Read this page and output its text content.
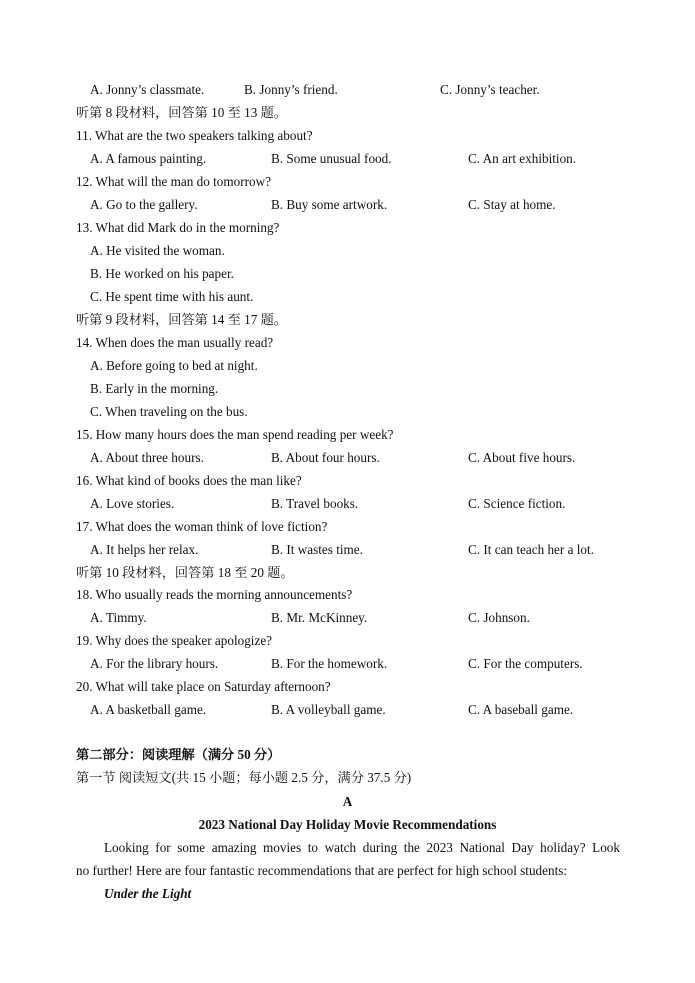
A. Jonny’s classmate.	B. Jonny’s friend.	C. Jonny’s teacher.
听第 8 段材料，回答第 10 至 13 题。
11. What are the two speakers talking about?
A. A famous painting.	B. Some unusual food.	C. An art exhibition.
12. What will the man do tomorrow?
A. Go to the gallery.	B. Buy some artwork.	C. Stay at home.
13. What did Mark do in the morning?
A. He visited the woman.
B. He worked on his paper.
C. He spent time with his aunt.
听第 9 段材料，回答第 14 至 17 题。
14. When does the man usually read?
A. Before going to bed at night.
B. Early in the morning.
C. When traveling on the bus.
15. How many hours does the man spend reading per week?
A. About three hours.	B. About four hours.	C. About five hours.
16. What kind of books does the man like?
A. Love stories.	B. Travel books.	C. Science fiction.
17. What does the woman think of love fiction?
A. It helps her relax.	B. It wastes time.	C. It can teach her a lot.
听第 10 段材料，回答第 18 至 20 题。
18. Who usually reads the morning announcements?
A. Timmy.	B. Mr. McKinney.	C. Johnson.
19. Why does the speaker apologize?
A. For the library hours.	B. For the homework.	C. For the computers.
20. What will take place on Saturday afternoon?
A. A basketball game.	B. A volleyball game.	C. A baseball game.
第二部分：阅读理解（满分 50 分）
第一节 阅读短文(共 15 小题；每小题 2.5 分，满分 37.5 分)
A
2023 National Day Holiday Movie Recommendations
Looking for some amazing movies to watch during the 2023 National Day holiday? Look
no further! Here are four fantastic recommendations that are perfect for high school students:
Under the Light
